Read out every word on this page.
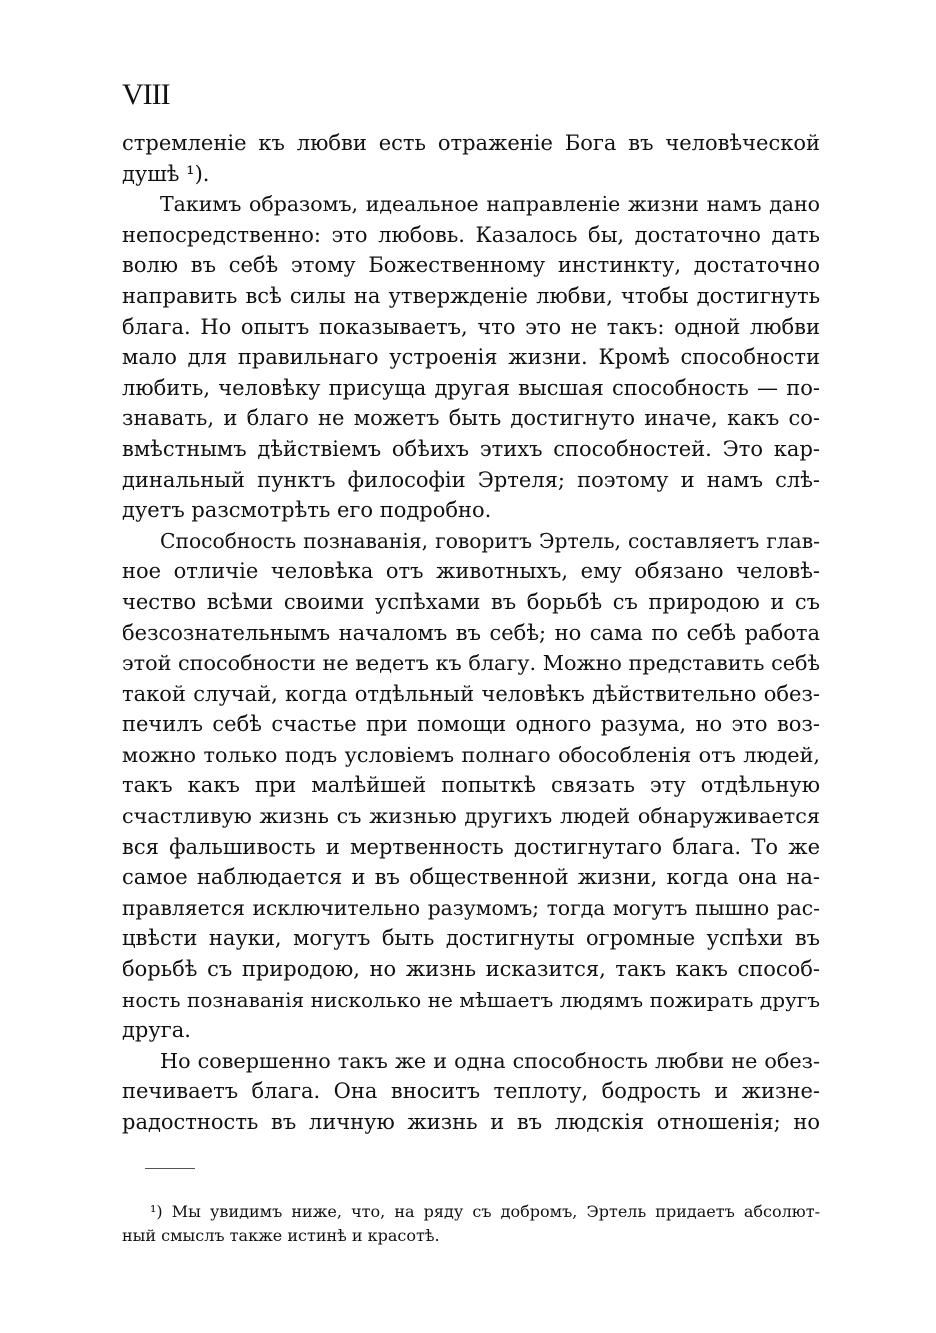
VIII
стремленіе къ любви есть отраженіе Бога въ человѣческой
душѣ ¹).
Такимъ образомъ, идеальное направленіе жизни намъ дано
непосредственно: это любовь. Казалось бы, достаточно дать
волю въ себѣ этому Божественному инстинкту, достаточно
направить всѣ силы на утвержденіе любви, чтобы достигнуть
блага. Но опытъ показываетъ, что это не такъ: одной любви
мало для правильнаго устроенія жизни. Кромѣ способности
любить, человѣку присуща другая высшая способность — по-
знавать, и благо не можетъ быть достигнуто иначе, какъ со-
вмѣстнымъ дѣйствіемъ обѣихъ этихъ способностей. Это кар-
динальный пунктъ философіи Эртеля; поэтому и намъ слѣ-
дуетъ разсмотрѣть его подробно.
Способность познаванія, говоритъ Эртель, составляетъ глав-
ное отличіе человѣка отъ животныхъ, ему обязано человѣ-
чество всѣми своими успѣхами въ борьбѣ съ природою и съ
безсознательнымъ началомъ въ себѣ; но сама по себѣ работа
этой способности не ведетъ къ благу. Можно представить себѣ
такой случай, когда отдѣльный человѣкъ дѣйствительно обез-
печилъ себѣ счастье при помощи одного разума, но это воз-
можно только подъ условіемъ полнаго обособленія отъ людей,
такъ какъ при малѣйшей попыткѣ связать эту отдѣльную
счастливую жизнь съ жизнью другихъ людей обнаруживается
вся фальшивость и мертвенность достигнутаго блага. То же
самое наблюдается и въ общественной жизни, когда она на-
правляется исключительно разумомъ; тогда могутъ пышно рас-
цвѣсти науки, могутъ быть достигнуты огромные успѣхи въ
борьбѣ съ природою, но жизнь исказится, такъ какъ способ-
ность познаванія нисколько не мѣшаетъ людямъ пожирать другъ
друга.
Но совершенно такъ же и одна способность любви не обез-
печиваетъ блага. Она вноситъ теплоту, бодрость и жизне-
радостность въ личную жизнь и въ людскія отношенія; но
¹) Мы увидимъ ниже, что, на ряду съ добромъ, Эртель придаетъ абсолют-
ный смыслъ также истинѣ и красотѣ.
